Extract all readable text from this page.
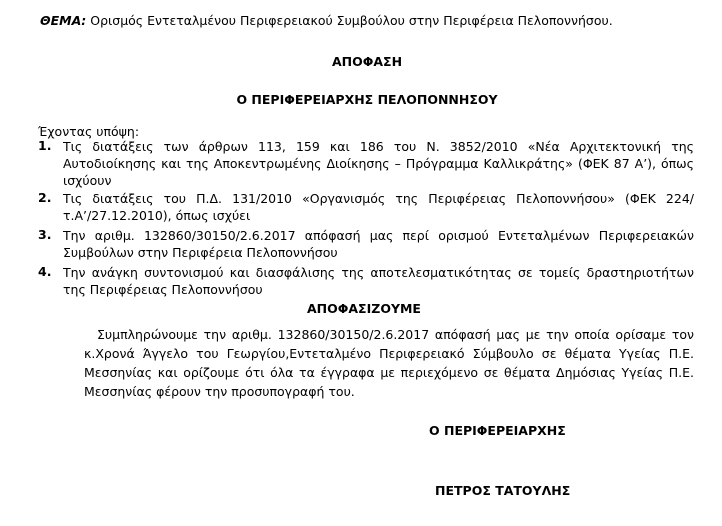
ΘΕΜΑ: Ορισμός Εντεταλμένου Περιφερειακού Συμβούλου στην Περιφέρεια Πελοποννήσου.
ΑΠΟΦΑΣΗ
Ο ΠΕΡΙΦΕΡΕΙΑΡΧΗΣ ΠΕΛΟΠΟΝΝΗΣΟΥ
Έχοντας υπόψη:
1. Τις διατάξεις των άρθρων 113, 159 και 186 του Ν. 3852/2010 «Νέα Αρχιτεκτονική της Αυτοδιοίκησης και της Αποκεντρωμένης Διοίκησης – Πρόγραμμα Καλλικράτης» (ΦΕΚ 87 Α’), όπως ισχύουν
2. Τις διατάξεις του Π.Δ. 131/2010 «Οργανισμός της Περιφέρειας Πελοποννήσου» (ΦΕΚ 224/τ.Α’/27.12.2010), όπως ισχύει
3. Την αριθμ. 132860/30150/2.6.2017 απόφασή μας περί ορισμού Εντεταλμένων Περιφερειακών Συμβούλων στην Περιφέρεια Πελοποννήσου
4. Την ανάγκη συντονισμού και διασφάλισης της αποτελεσματικότητας σε τομείς δραστηριοτήτων της Περιφέρειας Πελοποννήσου
ΑΠΟΦΑΣΙΖΟΥΜΕ
Συμπληρώνουμε την αριθμ. 132860/30150/2.6.2017 απόφασή μας με την οποία ορίσαμε τον κ.Χρονά Άγγελο του Γεωργίου,Εντεταλμένο Περιφερειακό Σύμβουλο σε θέματα Υγείας Π.Ε. Μεσσηνίας και ορίζουμε ότι όλα τα έγγραφα με περιεχόμενο σε θέματα Δημόσιας Υγείας Π.Ε. Μεσσηνίας φέρουν την προσυπογραφή του.
Ο ΠΕΡΙΦΕΡΕΙΑΡΧΗΣ
ΠΕΤΡΟΣ ΤΑΤΟΥΛΗΣ
